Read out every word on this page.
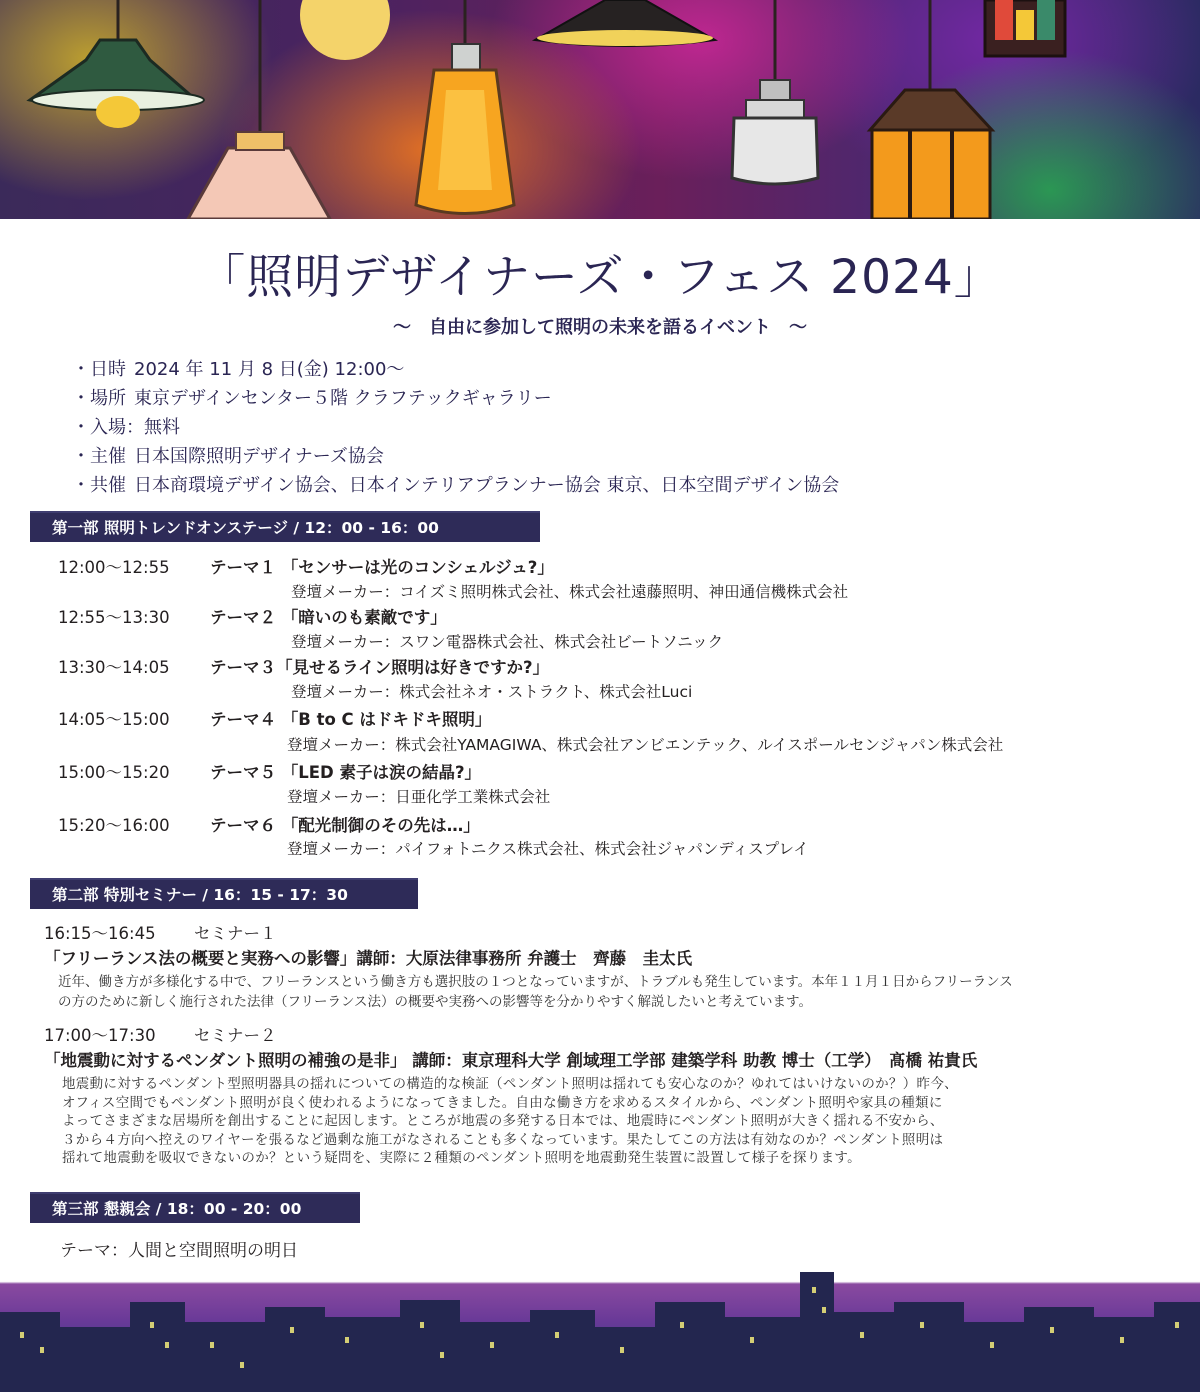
「照明デザイナーズ・フェス 2024」
～　自由に参加して照明の未来を語るイベント　～
・日時 2024 年 11 月 8 日(金) 12:00～
・場所 東京デザインセンター５階 クラフテックギャラリー
・入場：無料
・主催 日本国際照明デザイナーズ協会
・共催 日本商環境デザイン協会、日本インテリアプランナー協会 東京、日本空間デザイン協会
第一部 照明トレンドオンステージ / 12：00 - 16：00
12:00～12:55 テーマ１ 「センサーは光のコンシェルジュ?」
登壇メーカー：コイズミ照明株式会社、株式会社遠藤照明、神田通信機株式会社
12:55～13:30 テーマ２ 「暗いのも素敵です」
登壇メーカー：スワン電器株式会社、株式会社ビートソニック
13:30～14:05 テーマ３「見せるライン照明は好きですか?」
登壇メーカー：株式会社ネオ・ストラクト、株式会社Luci
14:05～15:00 テーマ４ 「B to C はドキドキ照明」
登壇メーカー：株式会社YAMAGIWA、株式会社アンビエンテック、ルイスポールセンジャパン株式会社
15:00～15:20 テーマ５ 「LED 素子は涙の結晶?」
登壇メーカー：日亜化学工業株式会社
15:20～16:00 テーマ６ 「配光制御のその先は…」
登壇メーカー：パイフォトニクス株式会社、株式会社ジャパンディスプレイ
第二部 特別セミナー / 16：15 - 17：30
16:15～16:45 セミナー１
「フリーランス法の概要と実務への影響」講師：大原法律事務所 弁護士　齊藤　圭太氏
近年、働き方が多様化する中で、フリーランスという働き方も選択肢の１つとなっていますが、トラブルも発生しています。本年１１月１日からフリーランス
の方のために新しく施行された法律（フリーランス法）の概要や実務への影響等を分かりやすく解説したいと考えています。
17:00～17:30 セミナー２
「地震動に対するペンダント照明の補強の是非」 講師：東京理科大学 創域理工学部 建築学科 助教 博士（工学）　髙橋 祐貴氏
地震動に対するペンダント型照明器具の揺れについての構造的な検証（ペンダント照明は揺れても安心なのか？ゆれてはいけないのか？）昨今、
オフィス空間でもペンダント照明が良く使われるようになってきました。自由な働き方を求めるスタイルから、ペンダント照明や家具の種類に
よってさまざまな居場所を創出することに起因します。ところが地震の多発する日本では、地震時にペンダント照明が大きく揺れる不安から、
３から４方向へ控えのワイヤーを張るなど過剰な施工がなされることも多くなっています。果たしてこの方法は有効なのか？ペンダント照明は
揺れて地震動を吸収できないのか？という疑問を、実際に２種類のペンダント照明を地震動発生装置に設置して様子を探ります。
第三部 懇親会 / 18：00 - 20：00
テーマ：人間と空間照明の明日
